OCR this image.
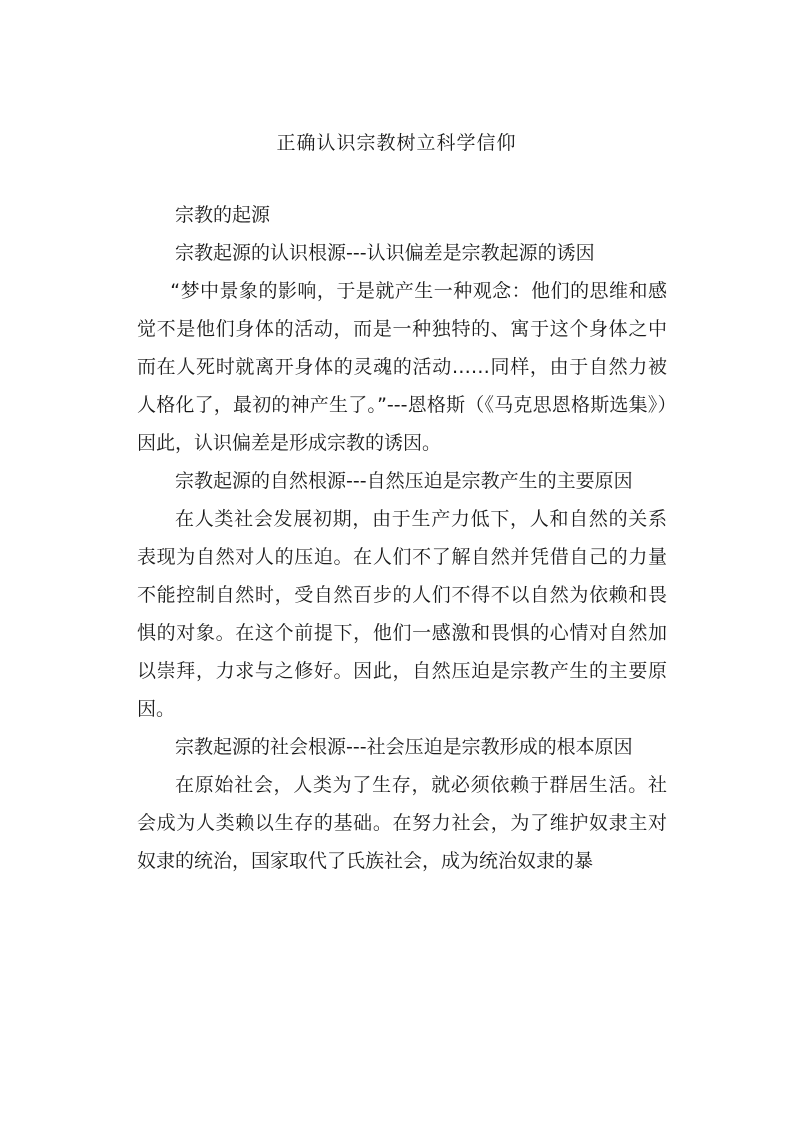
正确认识宗教树立科学信仰

宗教的起源

宗教起源的认识根源---认识偏差是宗教起源的诱因

“梦中景象的影响，于是就产生一种观念：他们的思维和感觉不是他们身体的活动，而是一种独特的、寓于这个身体之中而在人死时就离开身体的灵魂的活动……同样，由于自然力被人格化了，最初的神产生了。”---恩格斯（《马克思恩格斯选集》）因此，认识偏差是形成宗教的诱因。

宗教起源的自然根源---自然压迫是宗教产生的主要原因

在人类社会发展初期，由于生产力低下，人和自然的关系表现为自然对人的压迫。在人们不了解自然并凭借自己的力量不能控制自然时，受自然百步的人们不得不以自然为依赖和畏惧的对象。在这个前提下，他们一感激和畏惧的心情对自然加以崇拜，力求与之修好。因此，自然压迫是宗教产生的主要原因。

宗教起源的社会根源---社会压迫是宗教形成的根本原因

在原始社会，人类为了生存，就必须依赖于群居生活。社会成为人类赖以生存的基础。在努力社会，为了维护奴隶主对奴隶的统治，国家取代了氏族社会，成为统治奴隶的暴
